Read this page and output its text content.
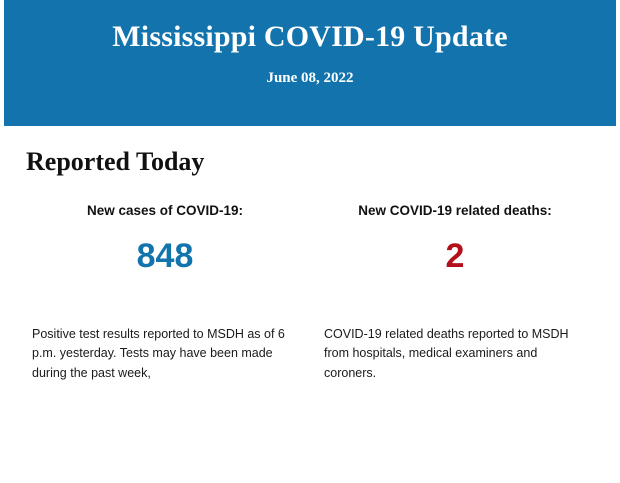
Mississippi COVID-19 Update
June 08, 2022
Reported Today
New cases of COVID-19:
848
Positive test results reported to MSDH as of 6 p.m. yesterday. Tests may have been made during the past week,
New COVID-19 related deaths:
2
COVID-19 related deaths reported to MSDH from hospitals, medical examiners and coroners.
